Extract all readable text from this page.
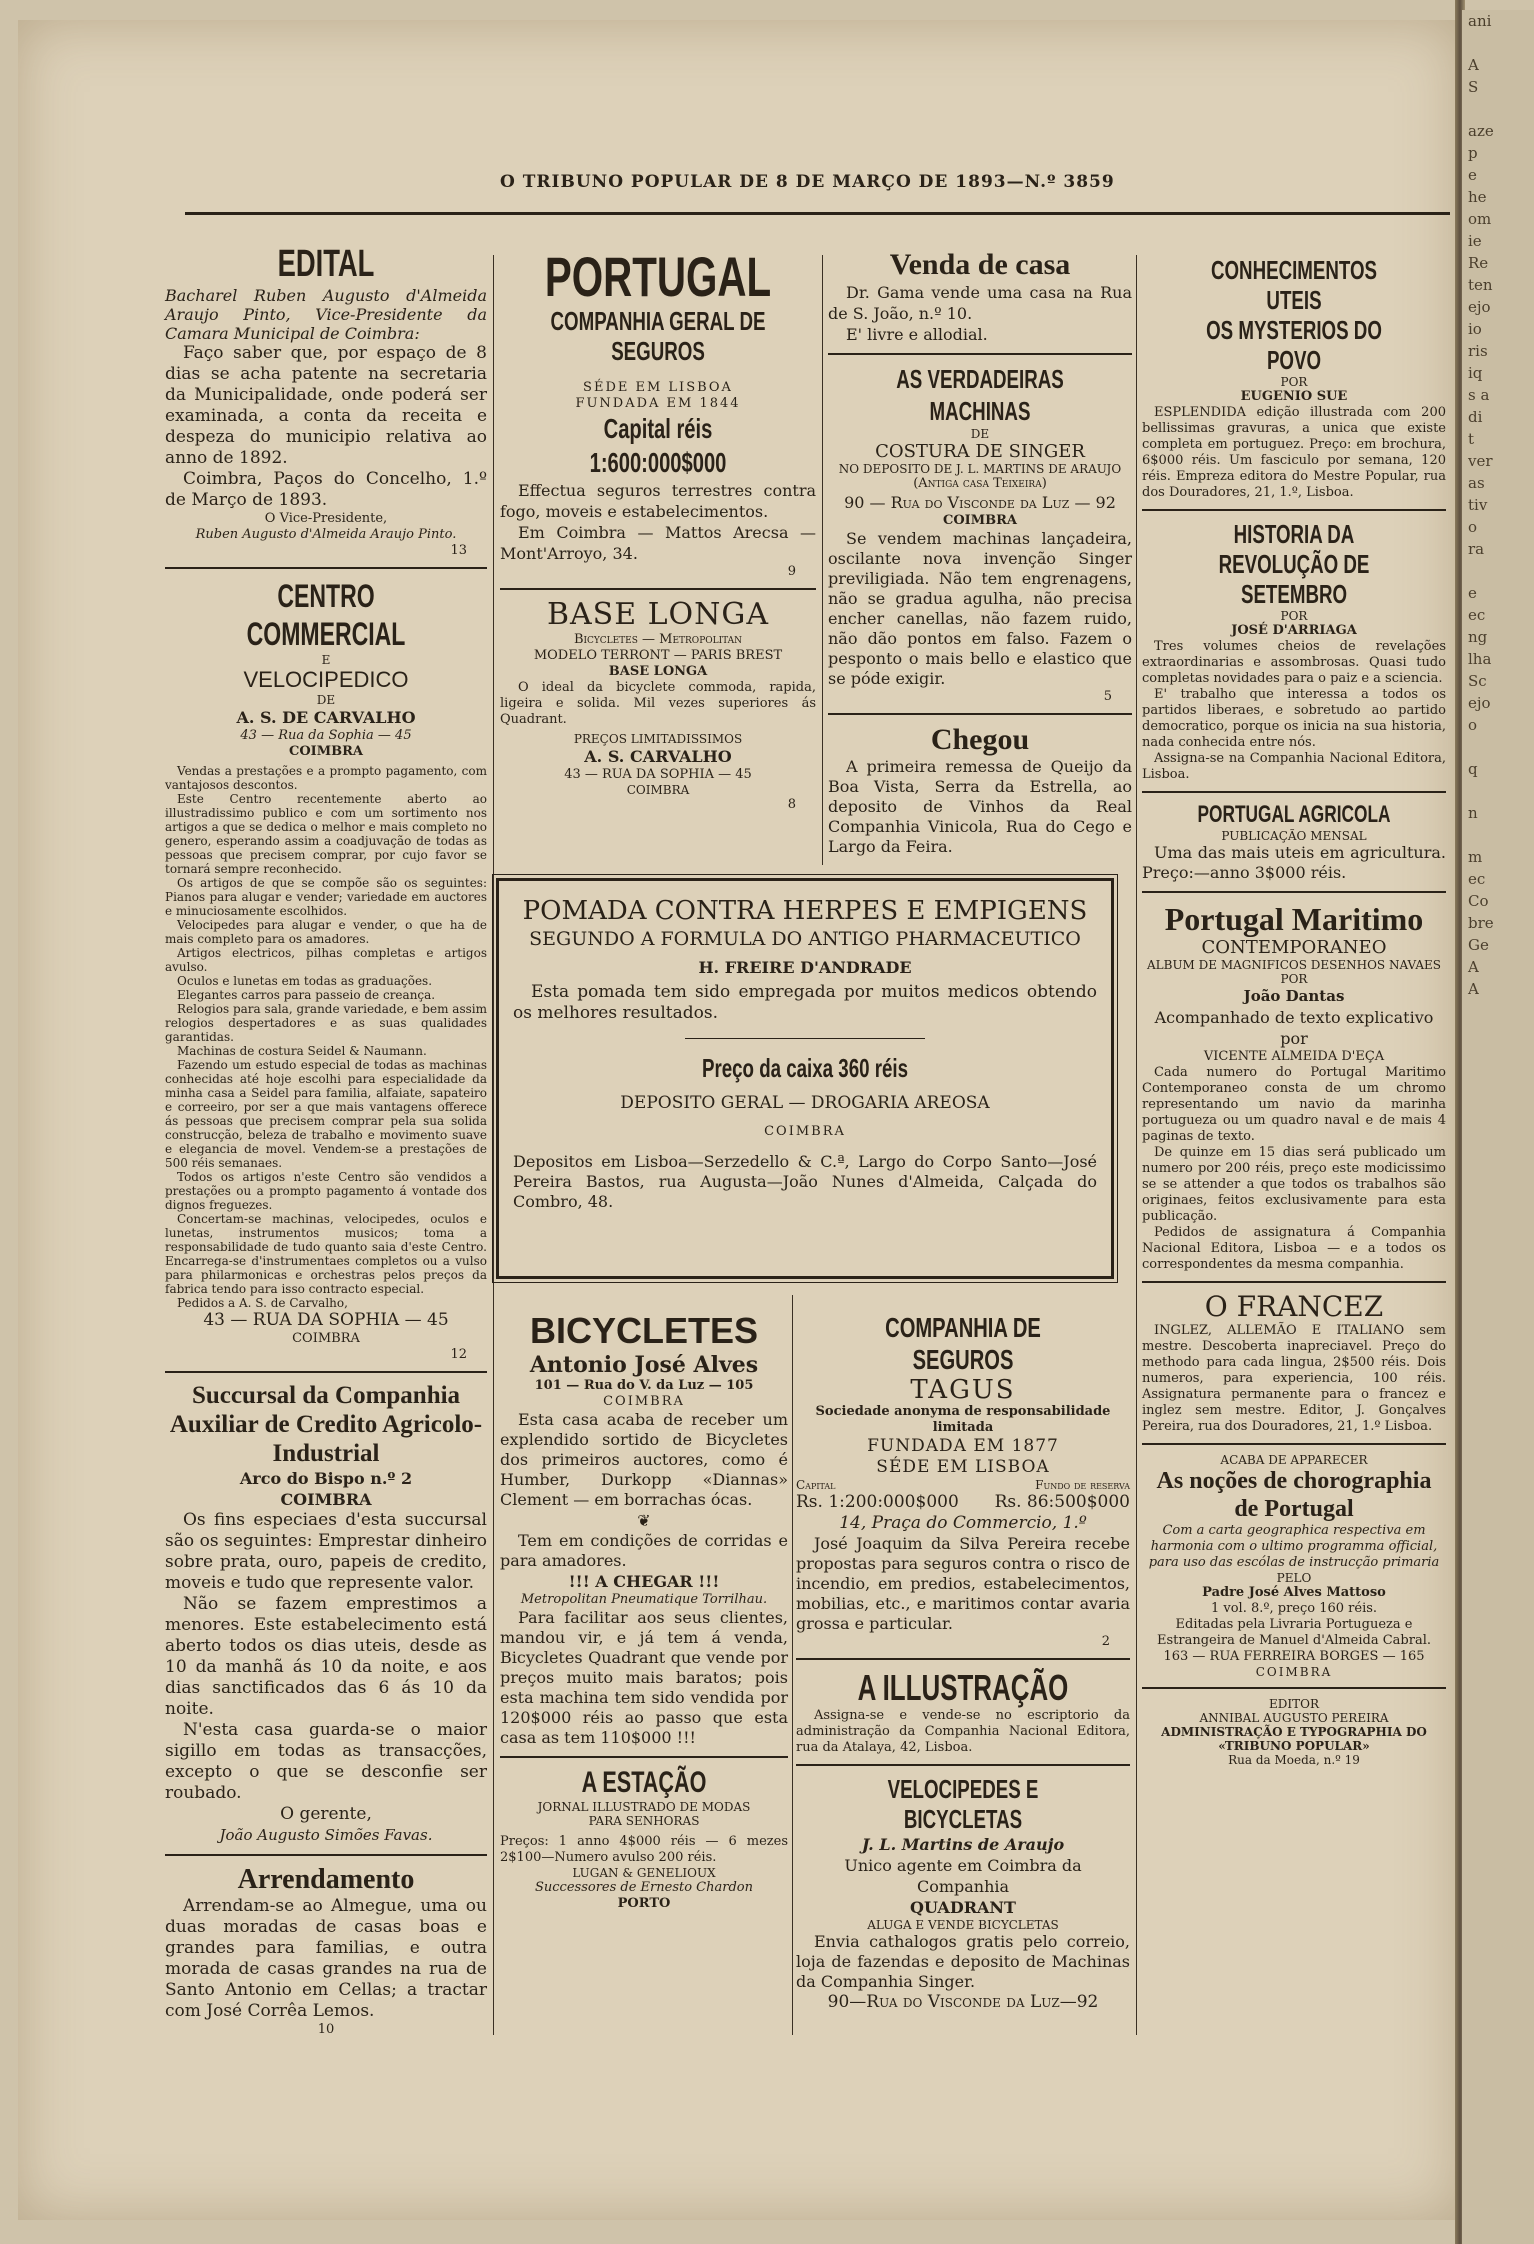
ani

A
S

aze
p
e
he
om
ie
Re
ten
ejo
io
ris
iq
s a
di
t
ver
as
tiv
o
ra

e
ec
ng
lha
Sc
ejo
o

q

n

m
ec
Co
bre
Ge
A
A
O TRIBUNO POPULAR DE 8 DE MARÇO DE 1893—N.º 3859
EDITAL

Bacharel Ruben Augusto d'Almeida Araujo Pinto, Vice-Presidente da Camara Municipal de Coimbra:

Faço saber que, por espaço de 8 dias se acha patente na secretaria da Municipalidade, onde poderá ser examinada, a conta da receita e despeza do municipio relativa ao anno de 1892.

Coimbra, Paços do Concelho, 1.º de Março de 1893.

O Vice-Presidente,

Ruben Augusto d'Almeida Araujo Pinto.

13

CENTRO COMMERCIAL

E

VELOCIPEDICO

DE

A. S. DE CARVALHO

43 — Rua da Sophia — 45

COIMBRA

Vendas a prestações e a prompto pagamento, com vantajosos descontos.

Este Centro recentemente aberto ao illustradissimo publico e com um sortimento nos artigos a que se dedica o melhor e mais completo no genero, esperando assim a coadjuvação de todas as pessoas que precisem comprar, por cujo favor se tornará sempre reconhecido.

Os artigos de que se compõe são os seguintes: Pianos para alugar e vender; variedade em auctores e minuciosamente escolhidos.

Velocipedes para alugar e vender, o que ha de mais completo para os amadores.

Artigos electricos, pilhas completas e artigos avulso.

Oculos e lunetas em todas as graduações.

Elegantes carros para passeio de creança.

Relogios para sala, grande variedade, e bem assim relogios despertadores e as suas qualidades garantidas.

Machinas de costura Seidel & Naumann.

Fazendo um estudo especial de todas as machinas conhecidas até hoje escolhi para especialidade da minha casa a Seidel para familia, alfaiate, sapateiro e correeiro, por ser a que mais vantagens offerece ás pessoas que precisem comprar pela sua solida construcção, beleza de trabalho e movimento suave e elegancia de movel. Vendem-se a prestações de 500 réis semanaes.

Todos os artigos n'este Centro são vendidos a prestações ou a prompto pagamento á vontade dos dignos freguezes.

Concertam-se machinas, velocipedes, oculos e lunetas, instrumentos musicos; toma a responsabilidade de tudo quanto saia d'este Centro. Encarrega-se d'instrumentaes completos ou a vulso para philarmonicas e orchestras pelos preços da fabrica tendo para isso contracto especial.

Pedidos a A. S. de Carvalho,

43 — RUA DA SOPHIA — 45

COIMBRA

12

Succursal da Companhia Auxiliar de Credito Agricolo-Industrial

Arco do Bispo n.º 2

COIMBRA

Os fins especiaes d'esta succursal são os seguintes: Emprestar dinheiro sobre prata, ouro, papeis de credito, moveis e tudo que represente valor.

Não se fazem emprestimos a menores. Este estabelecimento está aberto todos os dias uteis, desde as 10 da manhã ás 10 da noite, e aos dias sanctificados das 6 ás 10 da noite.

N'esta casa guarda-se o maior sigillo em todas as transacções, excepto o que se desconfie ser roubado.

O gerente,

João Augusto Simões Favas.

Arrendamento

Arrendam-se ao Almegue, uma ou duas moradas de casas boas e grandes para familias, e outra morada de casas grandes na rua de Santo Antonio em Cellas; a tractar com José Corrêa Lemos.

10

PORTUGAL
COMPANHIA GERAL DE SEGUROS

SÉDE EM LISBOA

FUNDADA EM 1844

Capital réis 1:600:000$000

Effectua seguros terrestres contra fogo, moveis e estabelecimentos.

Em Coimbra — Mattos Arecsa — Mont'Arroyo, 34.

9

BASE LONGA

Bicycletes — Metropolitan

MODELO TERRONT — PARIS BREST

BASE LONGA

O ideal da bicyclete commoda, rapida, ligeira e solida. Mil vezes superiores ás Quadrant.

PREÇOS LIMITADISSIMOS

A. S. CARVALHO

43 — RUA DA SOPHIA — 45

COIMBRA

8

Venda de casa

Dr. Gama vende uma casa na Rua de S. João, n.º 10.

E' livre e allodial.

AS VERDADEIRAS MACHINAS

DE

COSTURA DE SINGER

NO DEPOSITO DE J. L. MARTINS DE ARAUJO

(Antiga casa Teixeira)

90 — Rua do Visconde da Luz — 92

COIMBRA

Se vendem machinas lançadeira, oscilante nova invenção Singer previligiada. Não tem engrenagens, não se gradua agulha, não precisa encher canellas, não fazem ruido, não dão pontos em falso. Fazem o pesponto o mais bello e elastico que se póde exigir.

5

Chegou

A primeira remessa de Queijo da Boa Vista, Serra da Estrella, ao deposito de Vinhos da Real Companhia Vinicola, Rua do Cego e Largo da Feira.

POMADA CONTRA HERPES E EMPIGENS

SEGUNDO A FORMULA DO ANTIGO PHARMACEUTICO

H. FREIRE D'ANDRADE

Esta pomada tem sido empregada por muitos medicos obtendo os melhores resultados.

Preço da caixa 360 réis

DEPOSITO GERAL — DROGARIA AREOSA

COIMBRA

Depositos em Lisboa—Serzedello & C.ª, Largo do Corpo Santo—José Pereira Bastos, rua Augusta—João Nunes d'Almeida, Calçada do Combro, 48.

BICYCLETES

Antonio José Alves

101 — Rua do V. da Luz — 105

COIMBRA

Esta casa acaba de receber um explendido sortido de Bicycletes dos primeiros auctores, como é Humber, Durkopp «Diannas» Clement — em borrachas ócas.

❦

Tem em condições de corridas e para amadores.

!!! A CHEGAR !!!

Metropolitan Pneumatique Torrilhau.

Para facilitar aos seus clientes, mandou vir, e já tem á venda, Bicycletes Quadrant que vende por preços muito mais baratos; pois esta machina tem sido vendida por 120$000 réis ao passo que esta casa as tem 110$000 !!!

A ESTAÇÃO

JORNAL ILLUSTRADO DE MODAS

PARA SENHORAS

Preços: 1 anno 4$000 réis — 6 mezes 2$100—Numero avulso 200 réis.

LUGAN & GENELIOUX

Successores de Ernesto Chardon

PORTO

COMPANHIA DE SEGUROS

TAGUS

Sociedade anonyma de responsabilidade limitada

FUNDADA EM 1877

SÉDE EM LISBOA

Capital	Fundo de reserva
Rs. 1:200:000$000 Rs. 86:500$000

14, Praça do Commercio, 1.º

José Joaquim da Silva Pereira recebe propostas para seguros contra o risco de incendio, em predios, estabelecimentos, mobilias, etc., e maritimos contar avaria grossa e particular.

2

A ILLUSTRAÇÃO

Assigna-se e vende-se no escriptorio da administração da Companhia Nacional Editora, rua da Atalaya, 42, Lisboa.

VELOCIPEDES E BICYCLETAS

J. L. Martins de Araujo

Unico agente em Coimbra da Companhia

QUADRANT

ALUGA E VENDE BICYCLETAS

Envia cathalogos gratis pelo correio, loja de fazendas e deposito de Machinas da Companhia Singer.

90—Rua do Visconde da Luz—92

CONHECIMENTOS UTEIS
OS MYSTERIOS DO POVO

POR

EUGENIO SUE

ESPLENDIDA edição illustrada com 200 bellissimas gravuras, a unica que existe completa em portuguez. Preço: em brochura, 6$000 réis. Um fasciculo por semana, 120 réis. Empreza editora do Mestre Popular, rua dos Douradores, 21, 1.º, Lisboa.

HISTORIA DA REVOLUÇÃO DE SETEMBRO

POR

JOSÉ D'ARRIAGA

Tres volumes cheios de revelações extraordinarias e assombrosas. Quasi tudo completas novidades para o paiz e a sciencia.

E' trabalho que interessa a todos os partidos liberaes, e sobretudo ao partido democratico, porque os inicia na sua historia, nada conhecida entre nós.

Assigna-se na Companhia Nacional Editora, Lisboa.

PORTUGAL AGRICOLA

PUBLICAÇÃO MENSAL

Uma das mais uteis em agricultura. Preço:—anno 3$000 réis.

Portugal Maritimo

CONTEMPORANEO

ALBUM DE MAGNIFICOS DESENHOS NAVAES

POR

João Dantas

Acompanhado de texto explicativo por

VICENTE ALMEIDA D'EÇA

Cada numero do Portugal Maritimo Contemporaneo consta de um chromo representando um navio da marinha portugueza ou um quadro naval e de mais 4 paginas de texto.

De quinze em 15 dias será publicado um numero por 200 réis, preço este modicissimo se se attender a que todos os trabalhos são originaes, feitos exclusivamente para esta publicação.

Pedidos de assignatura á Companhia Nacional Editora, Lisboa — e a todos os correspondentes da mesma companhia.

O FRANCEZ

INGLEZ, ALLEMÃO E ITALIANO sem mestre. Descoberta inapreciavel. Preço do methodo para cada lingua, 2$500 réis. Dois numeros, para experiencia, 100 réis. Assignatura permanente para o francez e inglez sem mestre. Editor, J. Gonçalves Pereira, rua dos Douradores, 21, 1.º Lisboa.

ACABA DE APPARECER

As noções de chorographia de Portugal

Com a carta geographica respectiva em harmonia com o ultimo programma official, para uso das escólas de instrucção primaria

PELO

Padre José Alves Mattoso

1 vol. 8.º, preço 160 réis.

Editadas pela Livraria Portugueza e Estrangeira de Manuel d'Almeida Cabral.

163 — RUA FERREIRA BORGES — 165

COIMBRA

EDITOR

ANNIBAL AUGUSTO PEREIRA

ADMINISTRAÇÃO E TYPOGRAPHIA DO «TRIBUNO POPULAR»

Rua da Moeda, n.º 19
